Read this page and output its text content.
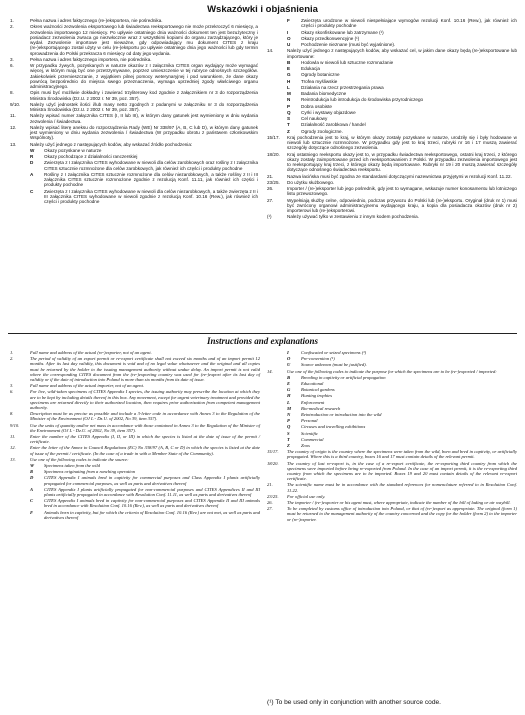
Wskazówki i objaśnienia
1.	Pełna nazwa i adres faktycznego (re-)eksportera, nie pośrednika.
2.	Okres ważności zezwolenia eksportowego lub świadectwa reeksportowego nie może przekroczyć 6 miesięcy, a zezwolenia importowego 12 miesięcy. Po upływie ostatniego dnia ważności dokument ten jest bezużyteczny i posiadacz zezwolenia zwraca go niezwłocznie wraz z wszystkimi kopiami do organu zarządzającego, który je wydał. Zezwolenie importowe jest nieważne, gdy odpowiadający mu dokument CITES z kraju (re-)eksportującego został użyty w celu (re-)eksportu po upływie ostatniego dnia jego ważności lub gdy termin sprowadzenia do Polski przekracza 6 miesięcy od daty jego wydania.
3.	Pełna nazwa i adres faktycznego importera, nie pośrednika.
6.	W przypadku żywych, pozyskanych w naturze okazów z I załącznika CITES organ wydający może wymagać więcej, w którym mają być one przetrzymywane, poprzez umieszczenie w tej rubryce odnośnych szczegółów. Jakiekolwiek przemieszczanie, z wyjątkiem pilnej pomocy weterynaryjnej i pod warunkiem, że dane okazy powrócą bezpośrednio do miejsca swego przeznaczenia, wymaga uprzedniej zgody właściwego organu administracyjnego.
8.	Opis musi być możliwie dokładny i zawierać trzyliterowy kod zgodnie z załącznikiem nr 3 do rozporządzenia Ministra Środowiska (Dz.U. z 2002 r. Nr 39, poz. 357).
9/10.	Należy użyć jednostek ilości i/lub masy netto zgodnych z podanymi w załączniku nr 3 do rozporządzenia Ministra Środowiska (Dz.U. z 2002 r. Nr 39, poz. 357).
11.	Należy wpisać numer załącznika CITES (I, II lub III), w którym dany gatunek jest wymieniony w dniu wydania zezwolenia / świadectwa.
12.	Należy wpisać literę aneksu do rozporządzenia Rady (WE) Nr 338/97 (A, B, C lub D), w którym dany gatunek jest wymieniony w dniu wydania zezwolenia / świadectwa (W przypadku obrotu z państwem członkowskim Wspólnoty).
13.	Należy użyć jednego z następujących kodów, aby wskazać źródło pochodzenia:
W	Okazy pozyskane w naturze
R	Okazy pochodzące z działalności ranczerskiej
D	Zwierzęta z I załącznika CITES wyhodowane w niewoli dla celów zarobkowych oraz rośliny z I załącznika CITES sztucznie rozmnożone dla celów zarobkowych, jak również ich części i produkty pochodne
A	Rośliny z I załącznika CITES sztucznie rozmnożone dla celów niezarobkowych, a także rośliny z II i III załącznika CITES sztucznie rozmnożone zgodnie z rezolucją Konf. 11.11, jak również ich części i produkty pochodne
C	Zwierzęta z I załącznika CITES wyhodowane w niewoli dla celów niezarobkowych, a także zwierzęta z II i III załącznika CITES wyhodowane w niewoli zgodnie z rezolucją Konf. 10.16 (Rew.), jak również ich części i produkty pochodne
F	Zwierzęta urodzone w niewoli niespełniające wymogów rezolucji Konf. 10.16 (Rew.), jak również ich części i produkty pochodne
I	Okazy skonfiskowane lub zatrzymane (¹)
O	Okazy przedkonwencyjne (¹)
U	Pochodzenie nieznane (musi być wyjaśnione).
14.	Należy użyć jednego z następujących kodów, aby wskazać cel, w jakim dane okazy będą (re-)eksportowane lub importowane:
B	Hodowla w niewoli lub sztuczne rozmnażanie
E	Edukacja
G	Ogrody botaniczne
H	Trofea myśliwskie
L	Działania na rzecz przestrzegania prawa
M	Badania biomedyczne
N	Reintrodukcja lub introdukcja do środowiska przyrodniczego
P	Dobra osobiste
Q	Cyrki i wystawy objazdowe
S	Cel naukowy
T	Działalność zarobkowa / handel
Z	Ogrody zoologiczne.
15/17.	Kraj pochodzenia jest to kraj, w którym okazy zostały pozyskane w naturze, urodziły się i były hodowane w niewoli lub sztucznie rozmnożone. W przypadku gdy jest to kraj trzeci, rubryki nr 16 i 17 muszą zawierać szczegóły dotyczące odnośnego zezwolenia.
18/20.	Kraj ostatniego reeksportu okazy jest to, w przypadku świadectwa reeksportowego, ostatni kraj trzeci, z którego okazy zostały zaimportowane przed ich reeksportowaniem z Polski. W przypadku zezwolenia importowego jest to reeksportujący kraj trzeci, z którego okazy będą importowane. Rubryki nr 19 i 20 muszą zawierać szczegóły dotyczące odnośnego świadectwa reeksportu.
21.	Nazwa łacińska musi być zgodna ze standardami dotyczącymi nazewnictwa przyjętymi w rezolucji Konf. 11.22.
23/25.	Do użytku służbowego.
26.	Importer / (re-)eksporter lub jego pośrednik, gdy jest to wymagane, wskazuje numer konosamentu lub lotniczego listu przewozowego.
27.	Wypełniają służby celne, odpowiednio, podczas przywozu do Polski lub (re-)eksportu. Oryginał (druk nr 1) musi być zwrócony organowi administracyjnemu wydającego kraju, a kopia dla posiadacza okazów (druk nr 2) importerowi lub (re-)eksporterowi.
(¹)	Należy używać tylko w zestawieniu z innym kodem pochodzenia.
Instructions and explanations
1.	Full name and address of the actual (re-)exporter, not of an agent.
2.	The period of validity of an export permit or re-export certificate shall not exceed six months and of an import permit 12 months. After its last day validity, this document is void and of no legal value whatsoever and the original and all copies must be returned by the holder to the issuing management authority without undue delay. An import permit is not valid where the corresponding CITES document from the (re-)exporting country was used for (re-)export after its last day of validity or if the date of introduction into Poland is more than six months from its date of issue.
3.	Full name and address of the actual importer, not of an agent.
6.	For live, wild-taken specimens of CITES Appendix I species, the issuing authority may prescribe the location at which they are to be kept by including details thereof in this box. Any movement, except for urgent veterinary treatment and provided the specimens are returned directly to their authorized location, then requires prior authorization from competent management authority.
8.	Description must be as precise as possible and include a 3-letter code in accordance with Annex 3 to the Regulation of the Minister of the Environment (OJ L - Dz.U. of 2002, No 39, item 357).
9/10.	Use the units of quantity and/or net mass in accordance with those contained in Annex 3 to the Regulation of the Minister of the Environment (OJ L - Dz.U. of 2002, No 39, item 357).
11.	Enter the number of the CITES Appendix (I, II, or III) in which the species is listed at the date of issue of the permit / certificate.
12.	Enter the letter of the Annex to Council Regulations (EC) No 338/97 (A, B, C or D) in which the species is listed at the date of issue of the permit / certificate. (In the case of a trade in with a Member State of the Community).
13.	Use one of the following codes to indicate the source:
W	Specimens taken from the wild
R	Specimens originating from a ranching operation
D	CITES Appendix I animals bred in captivity for commercial purposes and Class Appendix I plants artificially propagated for commercial purposes, as well as parts and derivatives thereof
A	CITES Appendix I plants artificially propagated for non-commercial purposes and CITES Appendices II and III plants artificially propagated in accordance with Resolution Conf. 11.11, as well as parts and derivatives thereof
C	CITES Appendix I animals bred in captivity for non-commercial purposes and CITES Appendix II and III animals bred in accordance with Resolution Conf. 10.16 (Rev.), as well as parts and derivatives thereof
F	Animals born in captivity, but for which the criteria of Resolution Conf. 10.16 (Rev.) are not met, as well as parts and derivatives thereof
I	Confiscated or seized specimens (¹)
O	Pre-convention (¹)
U	Source unknown (must be justified).
14.	Use one of the following codes to indicate the purpose for which the specimens are to be (re-)exported / imported:
B	Breeding in captivity or artificial propagation
E	Educational
G	Botanical gardens
H	Hunting trophies
L	Enforcement
M	Bio-medical research
N	Reintroduction or introduction into the wild
P	Personal
Q	Circuses and travelling exhibitions
S	Scientific
T	Commercial
Z	Zoos
15/17.	The country of origin is the country where the specimens were taken from the wild, born and bred in captivity, or artificially propagated. Where this is a third country, boxes 16 and 17 must contain details of the relevant permit.
18/20.	The country of last re-export is, in the case of a re-export certificate, the re-exporting third country from which the specimens were imported before being re-exported from Poland. In the case of an import permit, it is the re-exporting third country from which the specimens are to be imported. Boxes 19 and 20 must contain details of the relevant re-export certificate.
21.	The scientific name must be in accordance with the standard references for nomenclature referred to in Resolution Conf. 11.22.
23/25.	For official use only.
26.	The importer / (re-)exporter or his agent must, where appropriate, indicate the number of the bill of lading or air waybill.
27.	To be completed by customs office of introduction into Poland, or that of (re-)export as appropriate. The original (form 1) must be returned to the management authority of the country concerned and the copy for the holder (form 2) to the importer or (re-)exporter.
(¹) To be used only in conjunction with another source code.
